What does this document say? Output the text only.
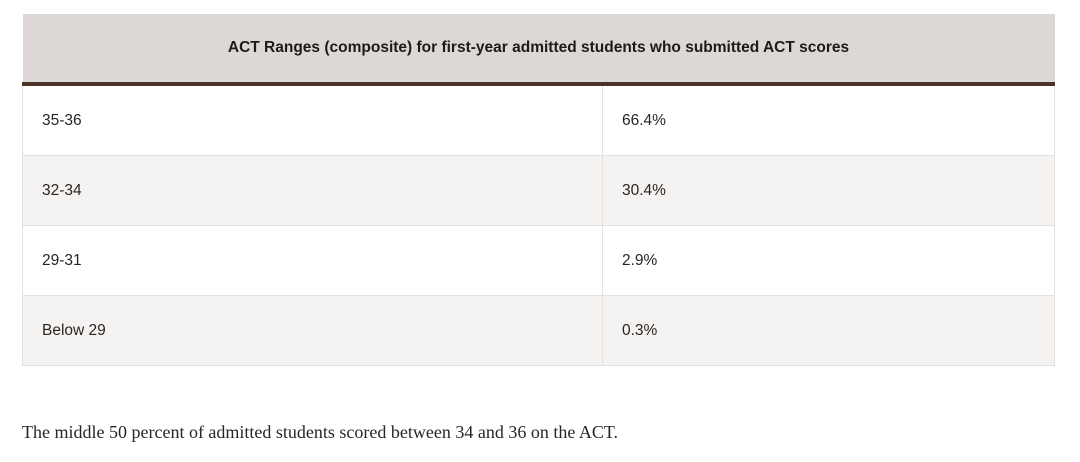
ACT Ranges (composite) for first-year admitted students who submitted ACT scores	
35-36	66.4%
32-34	30.4%
29-31	2.9%
Below 29	0.3%

The middle 50 percent of admitted students scored between 34 and 36 on the ACT.
